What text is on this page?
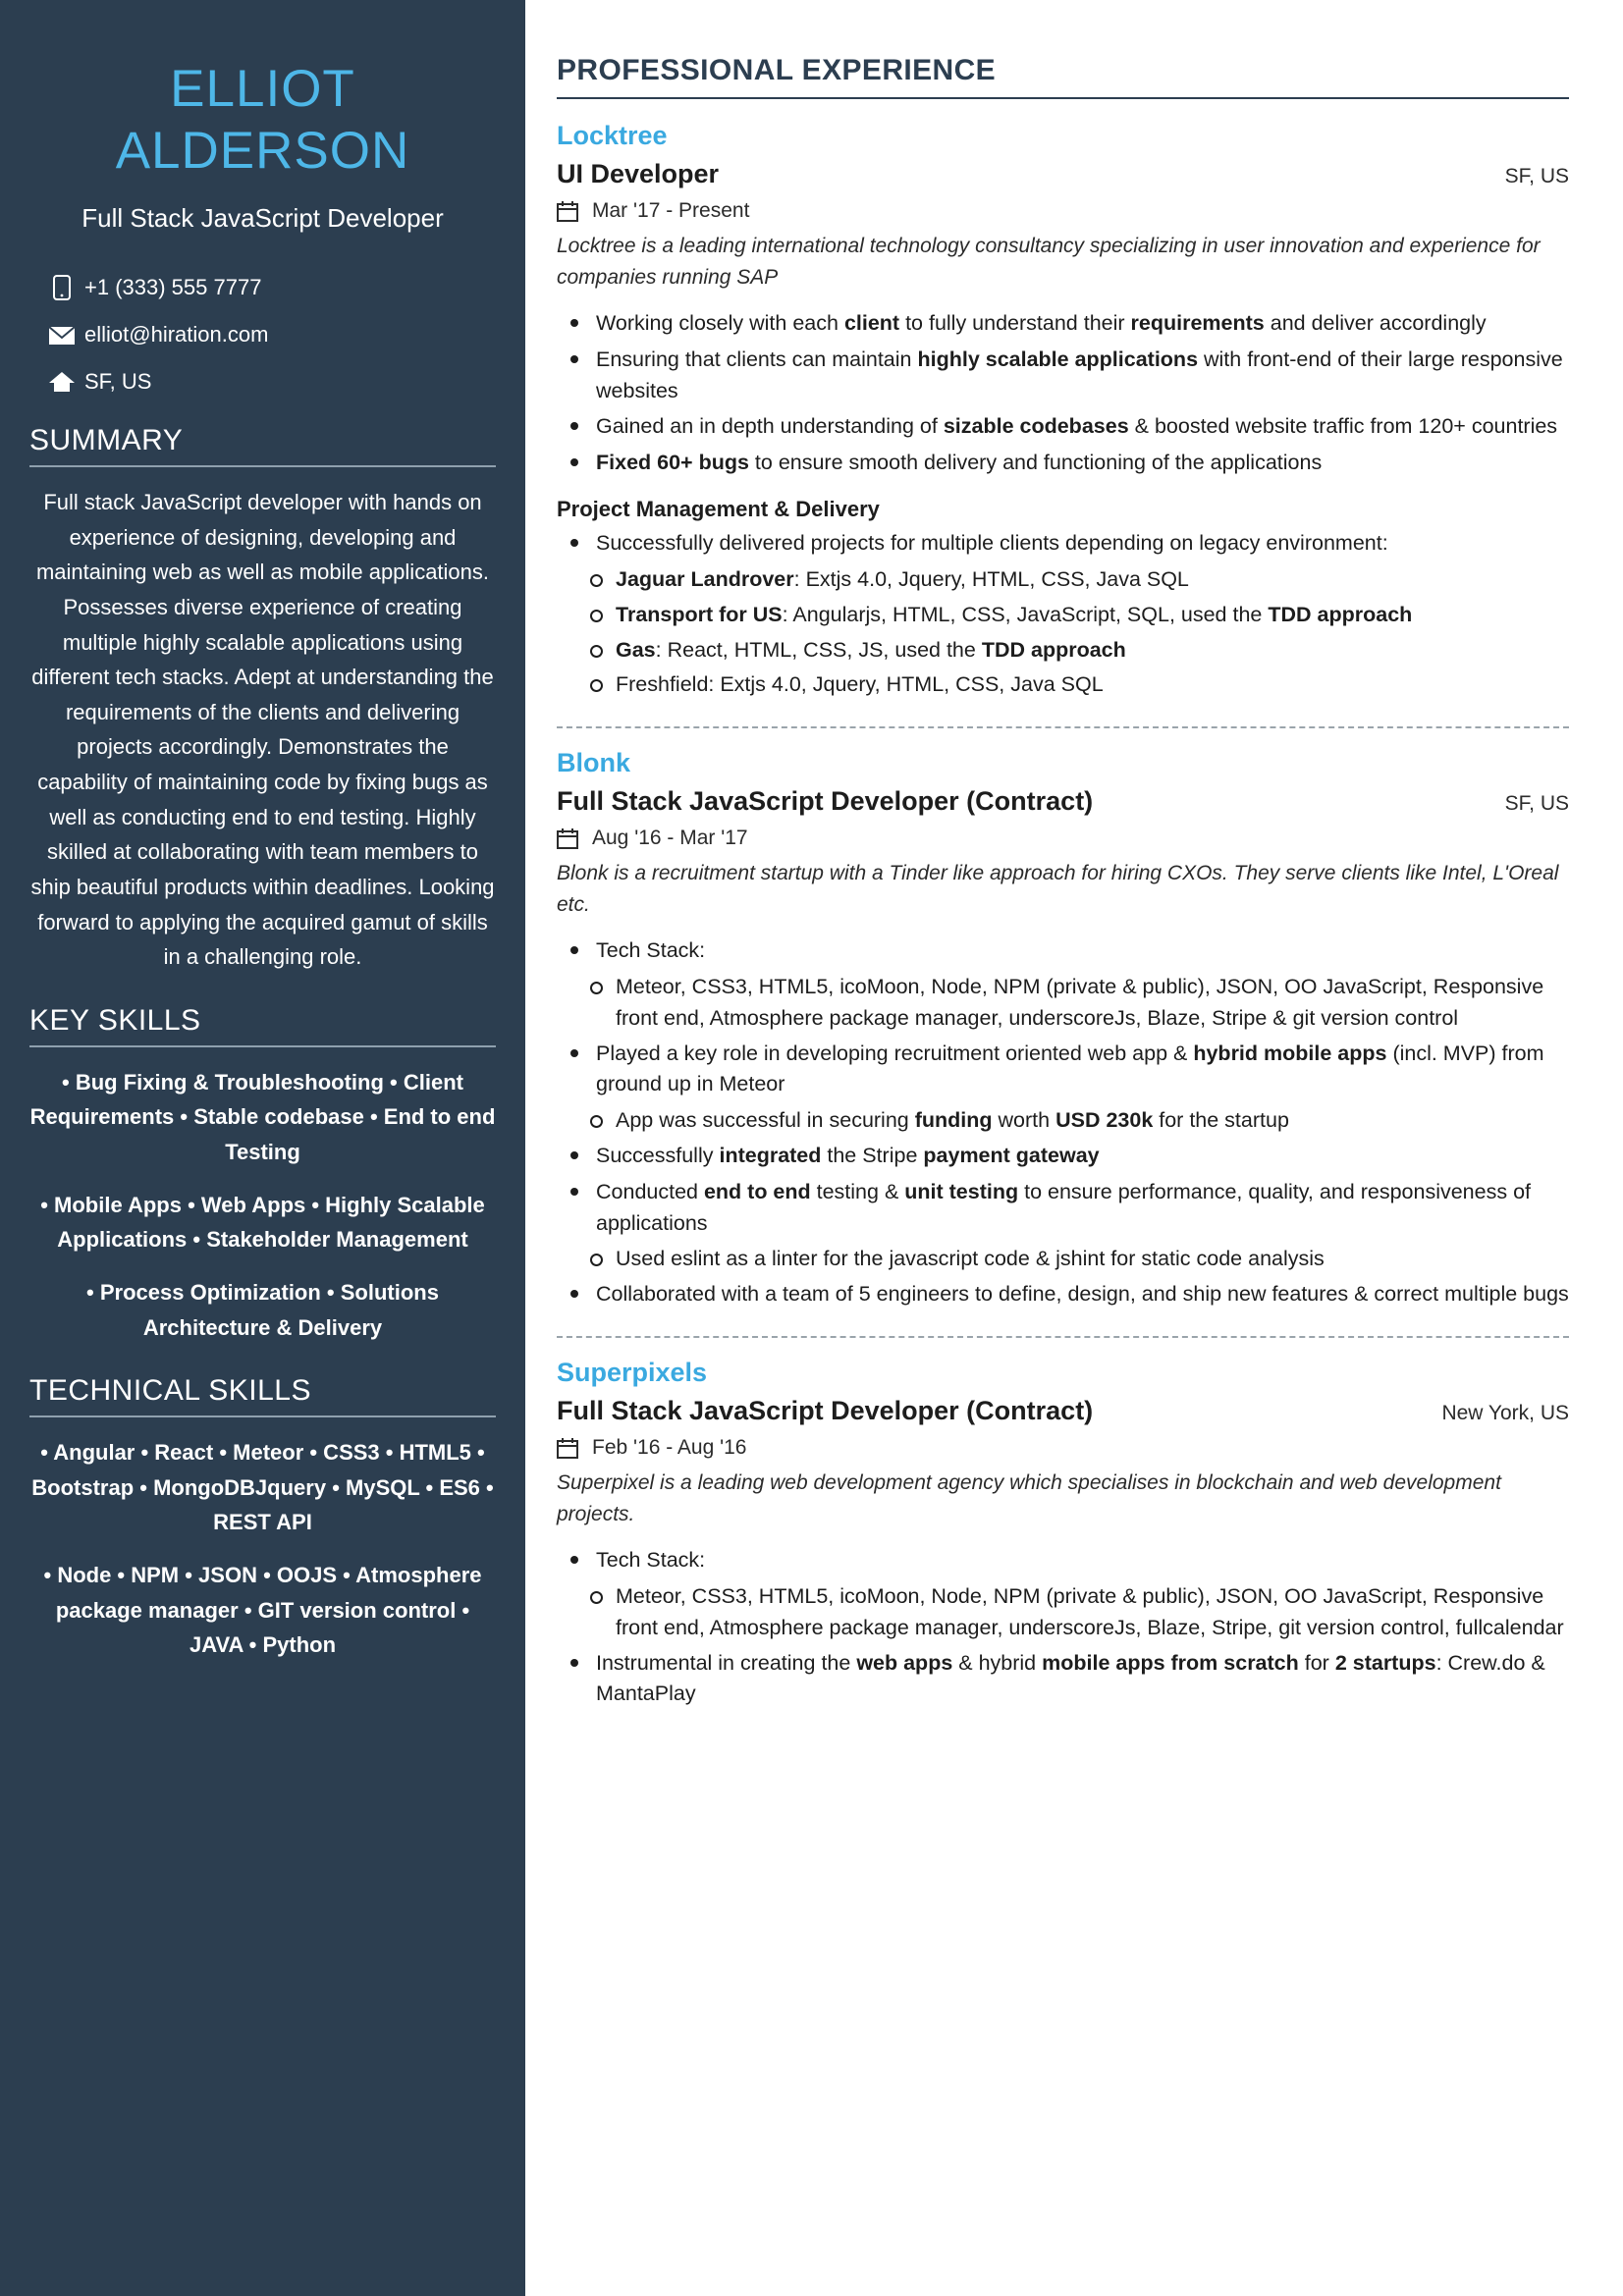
ELLIOT
ALDERSON
Full Stack JavaScript Developer
+1 (333) 555 7777
elliot@hiration.com
SF, US
SUMMARY
Full stack JavaScript developer with hands on experience of designing, developing and maintaining web as well as mobile applications. Possesses diverse experience of creating multiple highly scalable applications using different tech stacks. Adept at understanding the requirements of the clients and delivering projects accordingly. Demonstrates the capability of maintaining code by fixing bugs as well as conducting end to end testing. Highly skilled at collaborating with team members to ship beautiful products within deadlines. Looking forward to applying the acquired gamut of skills in a challenging role.
KEY SKILLS
• Bug Fixing & Troubleshooting • Client Requirements • Stable codebase • End to end Testing
• Mobile Apps • Web Apps • Highly Scalable Applications • Stakeholder Management
• Process Optimization • Solutions Architecture & Delivery
TECHNICAL SKILLS
• Angular • React • Meteor • CSS3 • HTML5 • Bootstrap • MongoDBJquery • MySQL • ES6 • REST API
• Node • NPM • JSON • OOJS • Atmosphere package manager • GIT version control • JAVA • Python
PROFESSIONAL EXPERIENCE
Locktree
UI Developer	SF, US
Mar '17 - Present
Locktree is a leading international technology consultancy specializing in user innovation and experience for companies running SAP
Working closely with each client to fully understand their requirements and deliver accordingly
Ensuring that clients can maintain highly scalable applications with front-end of their large responsive websites
Gained an in depth understanding of sizable codebases & boosted website traffic from 120+ countries
Fixed 60+ bugs to ensure smooth delivery and functioning of the applications
Project Management & Delivery
Successfully delivered projects for multiple clients depending on legacy environment:
Jaguar Landrover: Extjs 4.0, Jquery, HTML, CSS, Java SQL
Transport for US: Angularjs, HTML, CSS, JavaScript, SQL, used the TDD approach
Gas: React, HTML, CSS, JS, used the TDD approach
Freshfield: Extjs 4.0, Jquery, HTML, CSS, Java SQL
Blonk
Full Stack JavaScript Developer (Contract)	SF, US
Aug '16 - Mar '17
Blonk is a recruitment startup with a Tinder like approach for hiring CXOs. They serve clients like Intel, L'Oreal etc.
Tech Stack:
Meteor, CSS3, HTML5, icoMoon, Node, NPM (private & public), JSON, OO JavaScript, Responsive front end, Atmosphere package manager, underscoreJs, Blaze, Stripe & git version control
Played a key role in developing recruitment oriented web app & hybrid mobile apps (incl. MVP) from ground up in Meteor
App was successful in securing funding worth USD 230k for the startup
Successfully integrated the Stripe payment gateway
Conducted end to end testing & unit testing to ensure performance, quality, and responsiveness of applications
Used eslint as a linter for the javascript code & jshint for static code analysis
Collaborated with a team of 5 engineers to define, design, and ship new features & correct multiple bugs
Superpixels
Full Stack JavaScript Developer (Contract)	New York, US
Feb '16 - Aug '16
Superpixel is a leading web development agency which specialises in blockchain and web development projects.
Tech Stack:
Meteor, CSS3, HTML5, icoMoon, Node, NPM (private & public), JSON, OO JavaScript, Responsive front end, Atmosphere package manager, underscoreJs, Blaze, Stripe, git version control, fullcalendar
Instrumental in creating the web apps & hybrid mobile apps from scratch for 2 startups: Crew.do & MantaPlay
